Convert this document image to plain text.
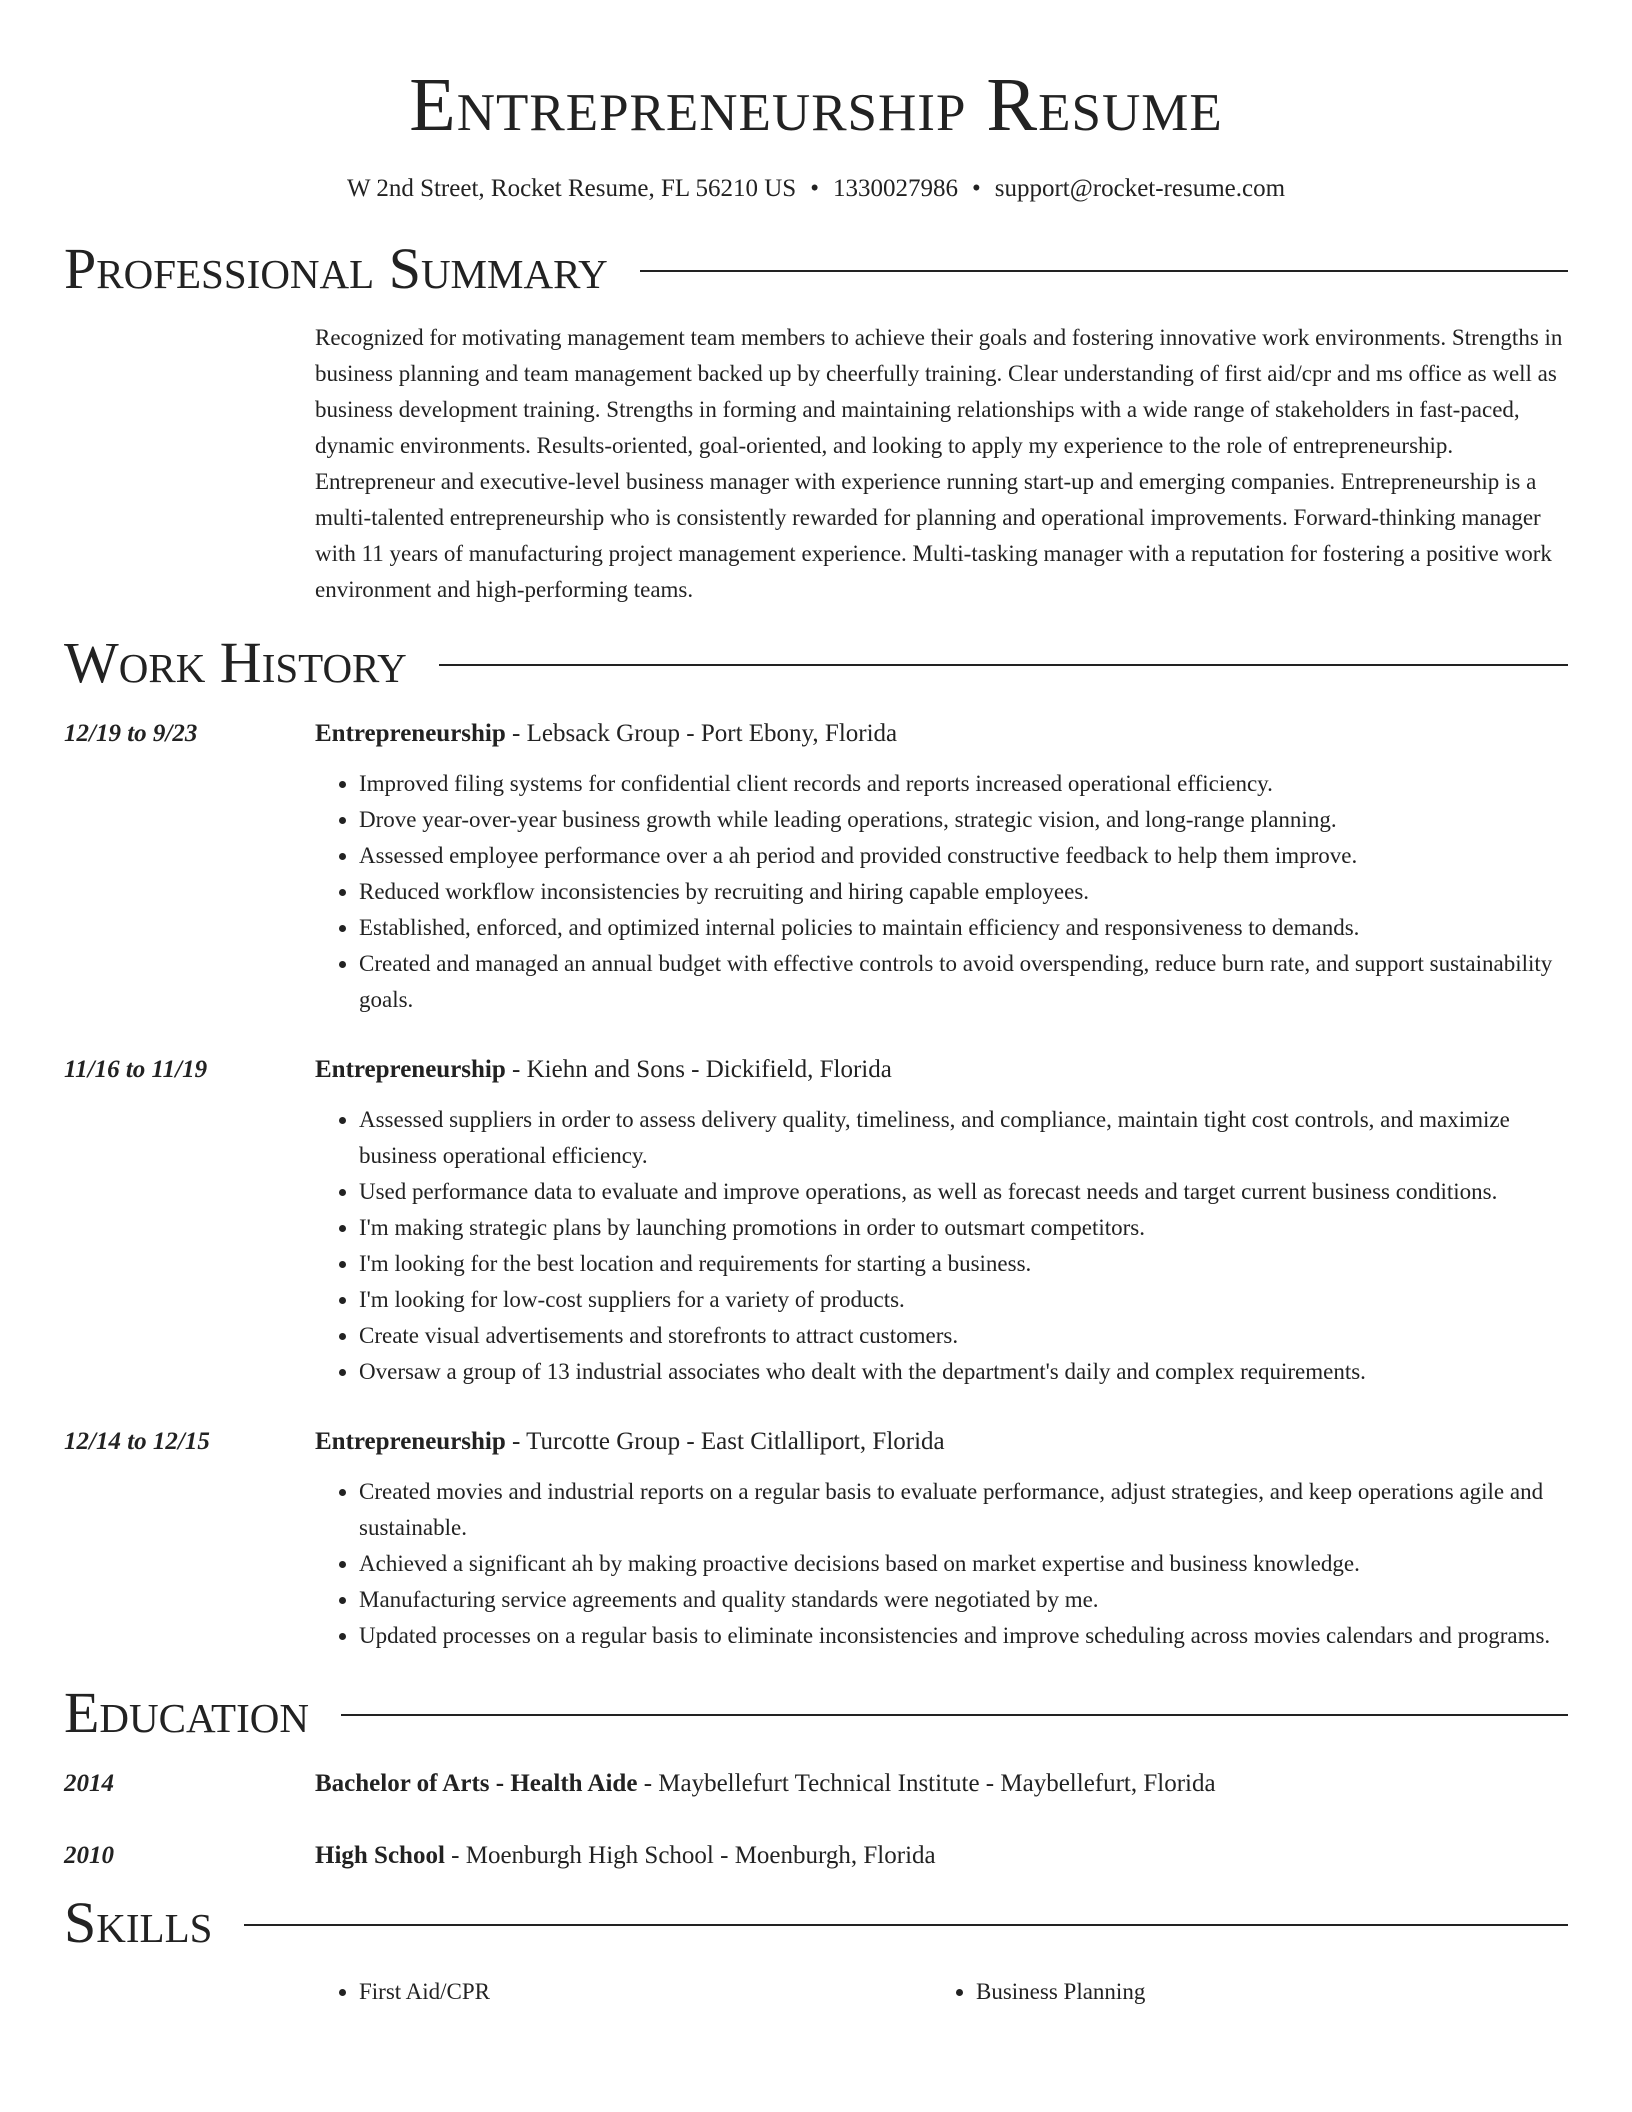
Entrepreneurship Resume
W 2nd Street, Rocket Resume, FL 56210 US • 1330027986 • support@rocket-resume.com
Professional Summary
Recognized for motivating management team members to achieve their goals and fostering innovative work environments. Strengths in business planning and team management backed up by cheerfully training. Clear understanding of first aid/cpr and ms office as well as business development training. Strengths in forming and maintaining relationships with a wide range of stakeholders in fast-paced, dynamic environments. Results-oriented, goal-oriented, and looking to apply my experience to the role of entrepreneurship. Entrepreneur and executive-level business manager with experience running start-up and emerging companies. Entrepreneurship is a multi-talented entrepreneurship who is consistently rewarded for planning and operational improvements. Forward-thinking manager with 11 years of manufacturing project management experience. Multi-tasking manager with a reputation for fostering a positive work environment and high-performing teams.
Work History
12/19 to 9/23	Entrepreneurship - Lebsack Group - Port Ebony, Florida
• Improved filing systems for confidential client records and reports increased operational efficiency.
• Drove year-over-year business growth while leading operations, strategic vision, and long-range planning.
• Assessed employee performance over a ah period and provided constructive feedback to help them improve.
• Reduced workflow inconsistencies by recruiting and hiring capable employees.
• Established, enforced, and optimized internal policies to maintain efficiency and responsiveness to demands.
• Created and managed an annual budget with effective controls to avoid overspending, reduce burn rate, and support sustainability goals.
11/16 to 11/19	Entrepreneurship - Kiehn and Sons - Dickifield, Florida
• Assessed suppliers in order to assess delivery quality, timeliness, and compliance, maintain tight cost controls, and maximize business operational efficiency.
• Used performance data to evaluate and improve operations, as well as forecast needs and target current business conditions.
• I'm making strategic plans by launching promotions in order to outsmart competitors.
• I'm looking for the best location and requirements for starting a business.
• I'm looking for low-cost suppliers for a variety of products.
• Create visual advertisements and storefronts to attract customers.
• Oversaw a group of 13 industrial associates who dealt with the department's daily and complex requirements.
12/14 to 12/15	Entrepreneurship - Turcotte Group - East Citlalliport, Florida
• Created movies and industrial reports on a regular basis to evaluate performance, adjust strategies, and keep operations agile and sustainable.
• Achieved a significant ah by making proactive decisions based on market expertise and business knowledge.
• Manufacturing service agreements and quality standards were negotiated by me.
• Updated processes on a regular basis to eliminate inconsistencies and improve scheduling across movies calendars and programs.
Education
2014	Bachelor of Arts - Health Aide - Maybellefurt Technical Institute - Maybellefurt, Florida
2010	High School - Moenburgh High School - Moenburgh, Florida
Skills
• First Aid/CPR
•	Business Planning
